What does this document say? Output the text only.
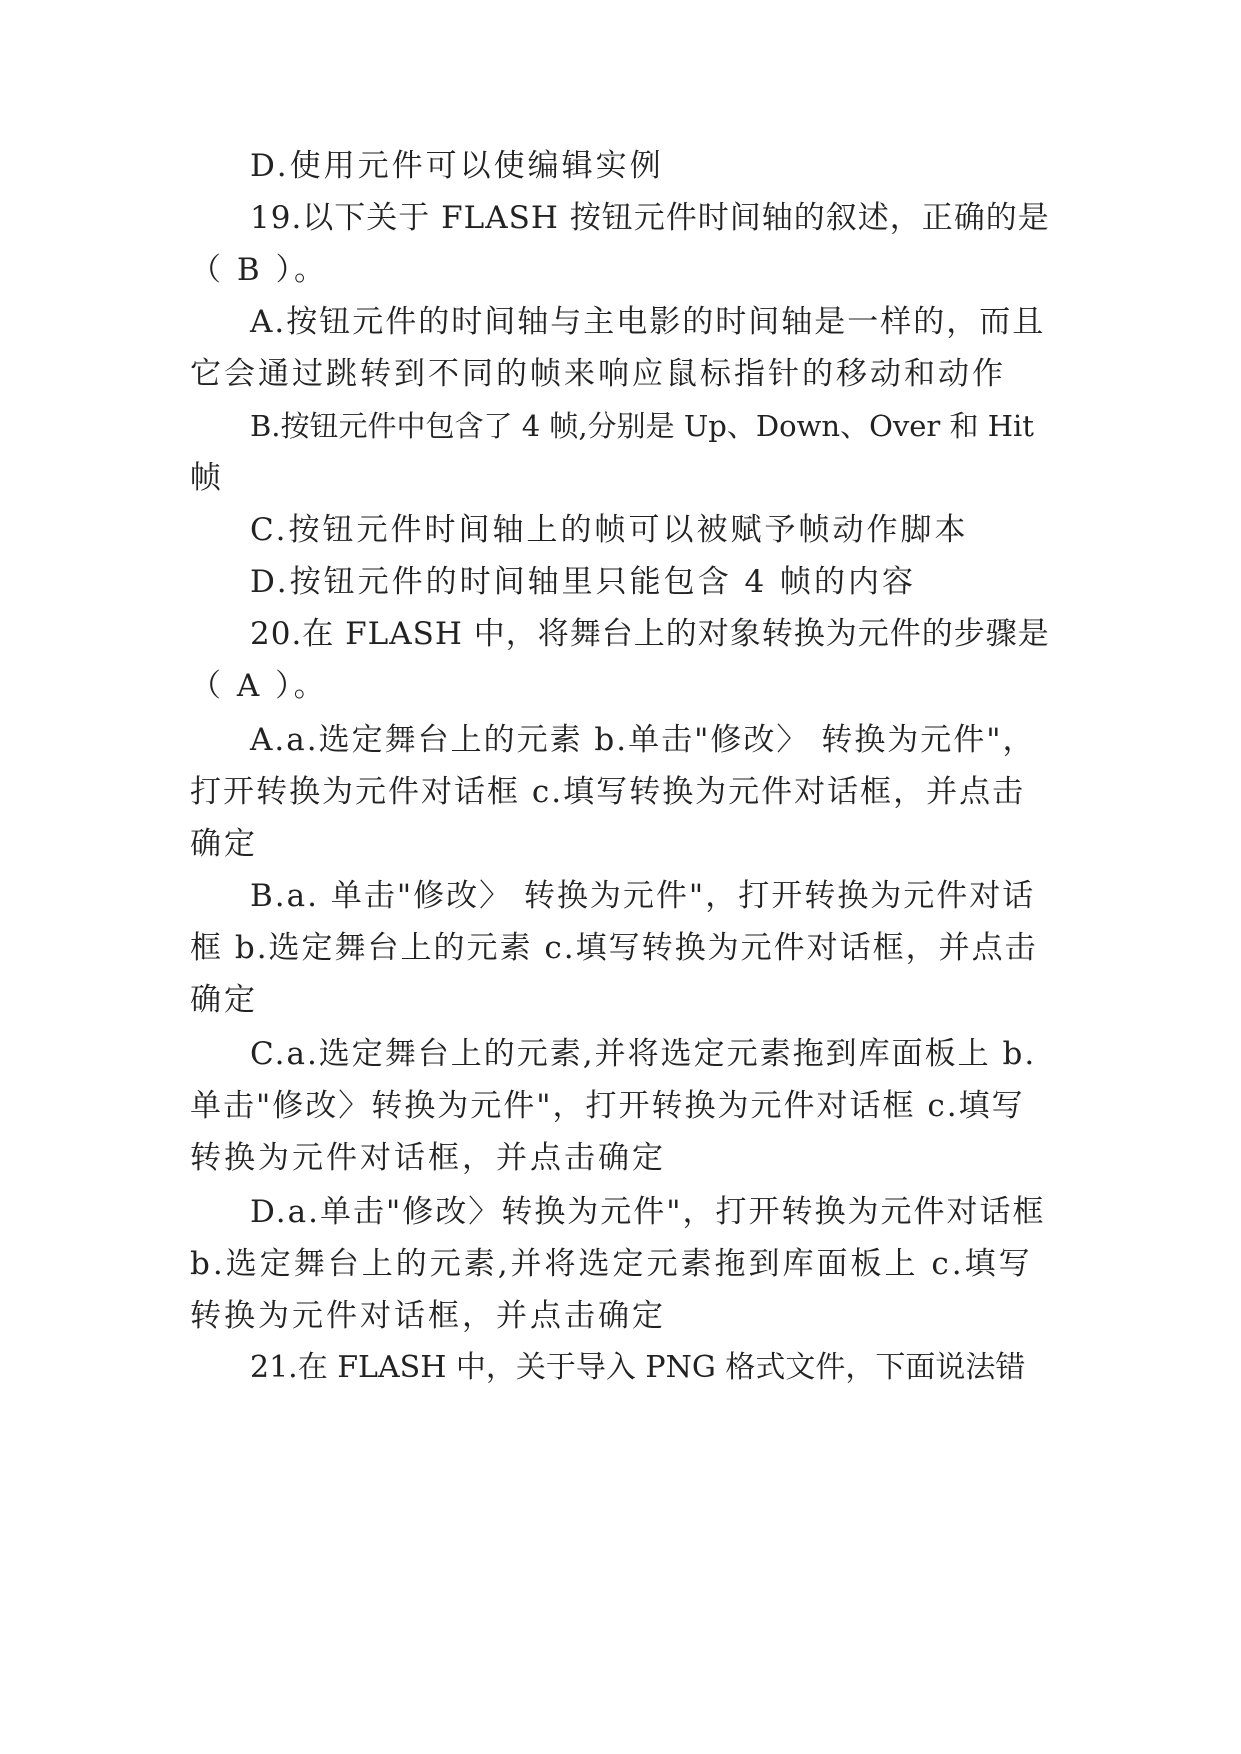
D.使用元件可以使编辑实例
19.以下关于 FLASH 按钮元件时间轴的叙述，正确的是
（ B ）。
A.按钮元件的时间轴与主电影的时间轴是一样的，而且
它会通过跳转到不同的帧来响应鼠标指针的移动和动作
B.按钮元件中包含了 4 帧,分别是 Up、Down、Over 和 Hit
帧
C.按钮元件时间轴上的帧可以被赋予帧动作脚本
D.按钮元件的时间轴里只能包含 4 帧的内容
20.在 FLASH 中，将舞台上的对象转换为元件的步骤是
（ A ）。
A.a.选定舞台上的元素 b.单击"修改〉 转换为元件"，
打开转换为元件对话框 c.填写转换为元件对话框，并点击
确定
B.a. 单击"修改〉 转换为元件"，打开转换为元件对话
框 b.选定舞台上的元素 c.填写转换为元件对话框，并点击
确定
C.a.选定舞台上的元素,并将选定元素拖到库面板上 b.
单击"修改〉转换为元件"，打开转换为元件对话框 c.填写
转换为元件对话框，并点击确定
D.a.单击"修改〉转换为元件"，打开转换为元件对话框
b.选定舞台上的元素,并将选定元素拖到库面板上 c.填写
转换为元件对话框，并点击确定
21.在 FLASH 中，关于导入 PNG 格式文件，下面说法错
